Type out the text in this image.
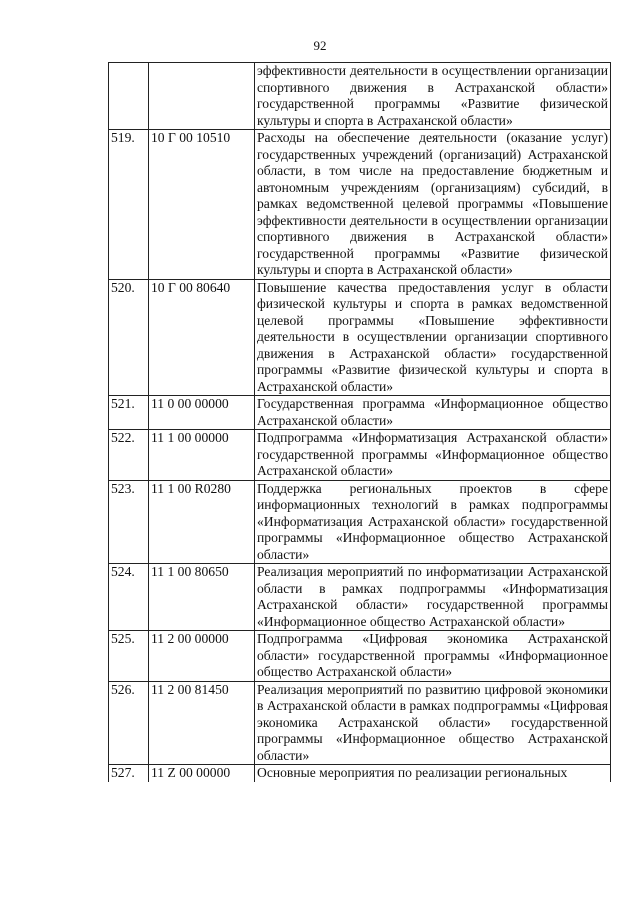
92
		эффективности деятельности в осуществлении организации спортивного движения в Астраханской области» государственной программы «Развитие физической культуры и спорта в Астраханской области»
519.	10 Г 00 10510	Расходы на обеспечение деятельности (оказание услуг) государственных учреждений (организаций) Астраханской области, в том числе на предоставление бюджетным и автономным учреждениям (организациям) субсидий, в рамках ведомственной целевой программы «Повышение эффективности деятельности в осуществлении организации спортивного движения в Астраханской области» государственной программы «Развитие физической культуры и спорта в Астраханской области»
520.	10 Г 00 80640	Повышение качества предоставления услуг в области физической культуры и спорта в рамках ведомственной целевой программы «Повышение эффективности деятельности в осуществлении организации спортивного движения в Астраханской области» государственной программы «Развитие физической культуры и спорта в Астраханской области»
521.	11 0 00 00000	Государственная программа «Информационное общество Астраханской области»
522.	11 1 00 00000	Подпрограмма «Информатизация Астраханской области» государственной программы «Информационное общество Астраханской области»
523.	11 1 00 R0280	Поддержка региональных проектов в сфере информационных технологий в рамках подпрограммы «Информатизация Астраханской области» государственной программы «Информационное общество Астраханской области»
524.	11 1 00 80650	Реализация мероприятий по информатизации Астраханской области в рамках подпрограммы «Информатизация Астраханской области» государственной программы «Информационное общество Астраханской области»
525.	11 2 00 00000	Подпрограмма «Цифровая экономика Астраханской области» государственной программы «Информационное общество Астраханской области»
526.	11 2 00 81450	Реализация мероприятий по развитию цифровой экономики в Астраханской области в рамках подпрограммы «Цифровая экономика Астраханской области» государственной программы «Информационное общество Астраханской области»
527.	11 Z 00 00000	Основные мероприятия по реализации региональных
